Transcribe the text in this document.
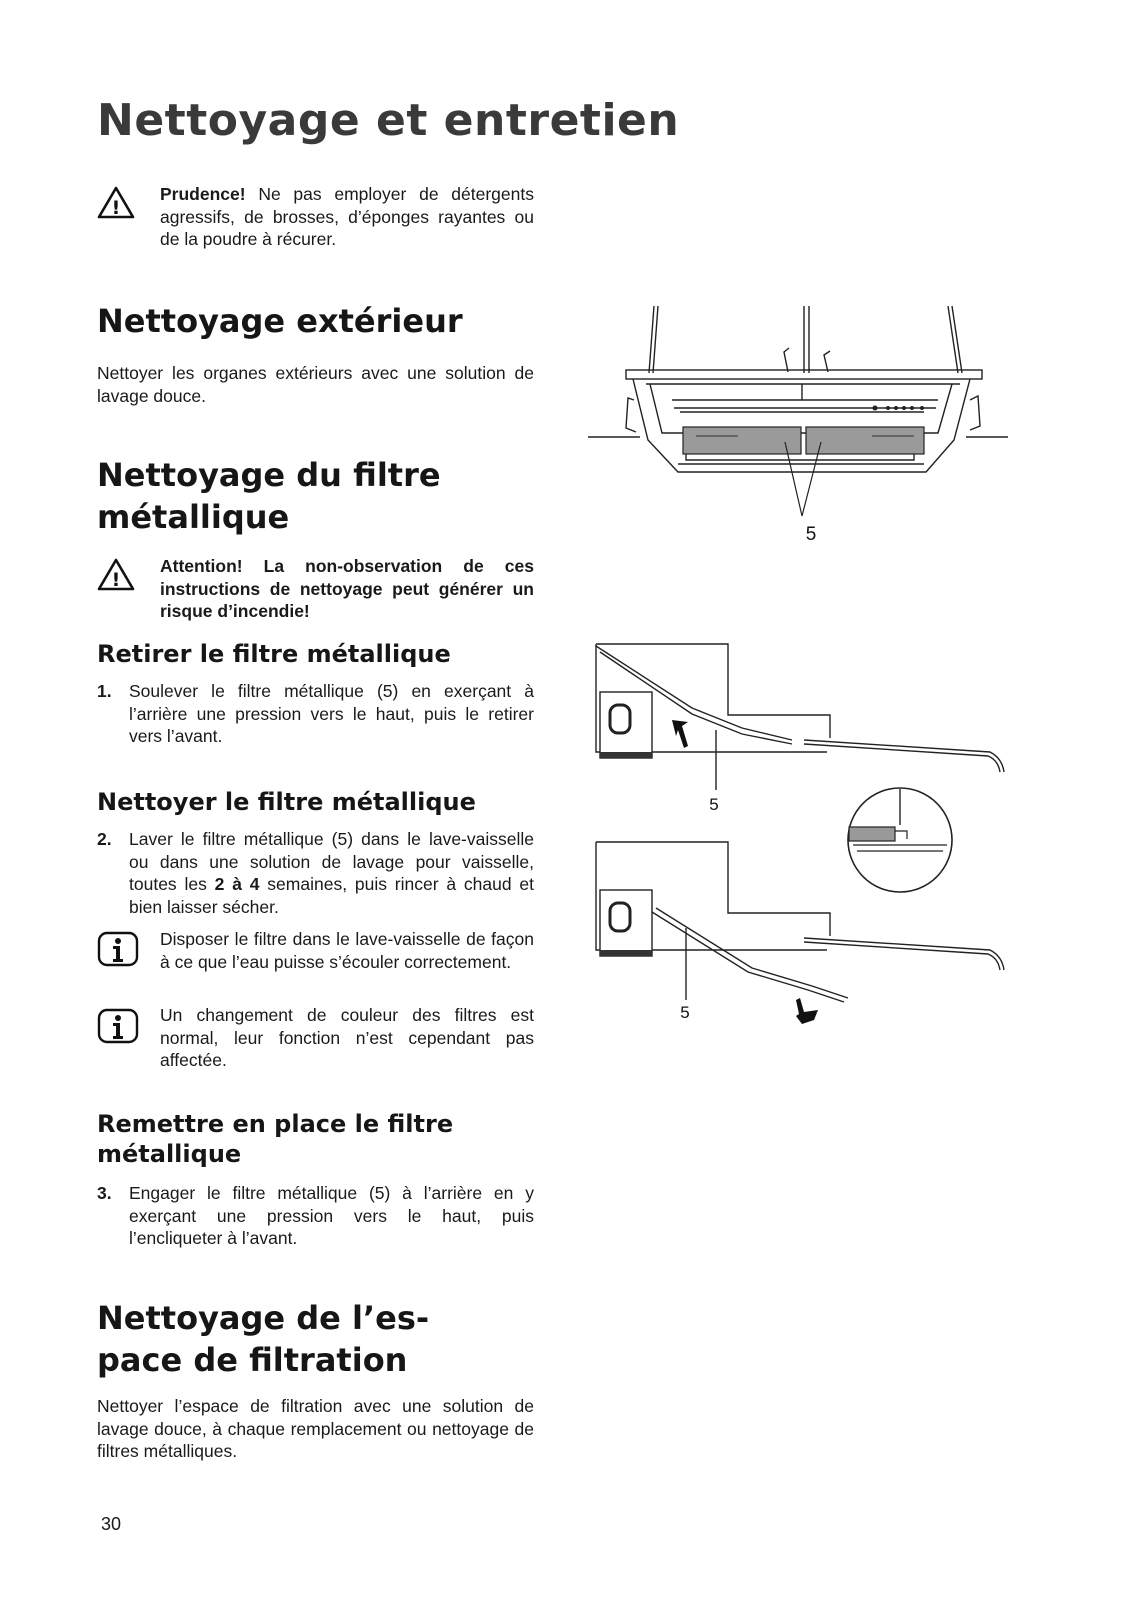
Nettoyage et entretien
!

Prudence! Ne pas employer de détergents agressifs, de brosses, d’éponges rayantes ou de la poudre à récurer.

Nettoyage extérieur

Nettoyer les organes extérieurs avec une solution de lavage douce.

Nettoyage du filtre
métallique
!

Attention! La non-observation de ces instructions de nettoyage peut générer un risque d’incendie!

Retirer le filtre métallique
1. Soulever le filtre métallique (5) en exerçant à l’arrière une pression vers le haut, puis le retirer vers l’avant.

Nettoyer le filtre métallique
2. Laver le filtre métallique (5) dans le lave-vaisselle ou dans une solution de lavage pour vaisselle, toutes les 2 à 4 semaines, puis rincer à chaud et bien laisser sécher.

Disposer le filtre dans le lave-vaisselle de façon à ce que l’eau puisse s’écouler correctement.

Un changement de couleur des filtres est normal, leur fonction n’est cependant pas affectée.

Remettre en place le filtre
métallique
3. Engager le filtre métallique (5) à l’arrière en y exerçant une pression vers le haut, puis l’encliqueter à l’avant.

Nettoyage de l’es-
pace de filtration

Nettoyer l’espace de filtration avec une solution de lavage douce, à chaque remplacement ou nettoyage de filtres métalliques.

30
5
5
5
